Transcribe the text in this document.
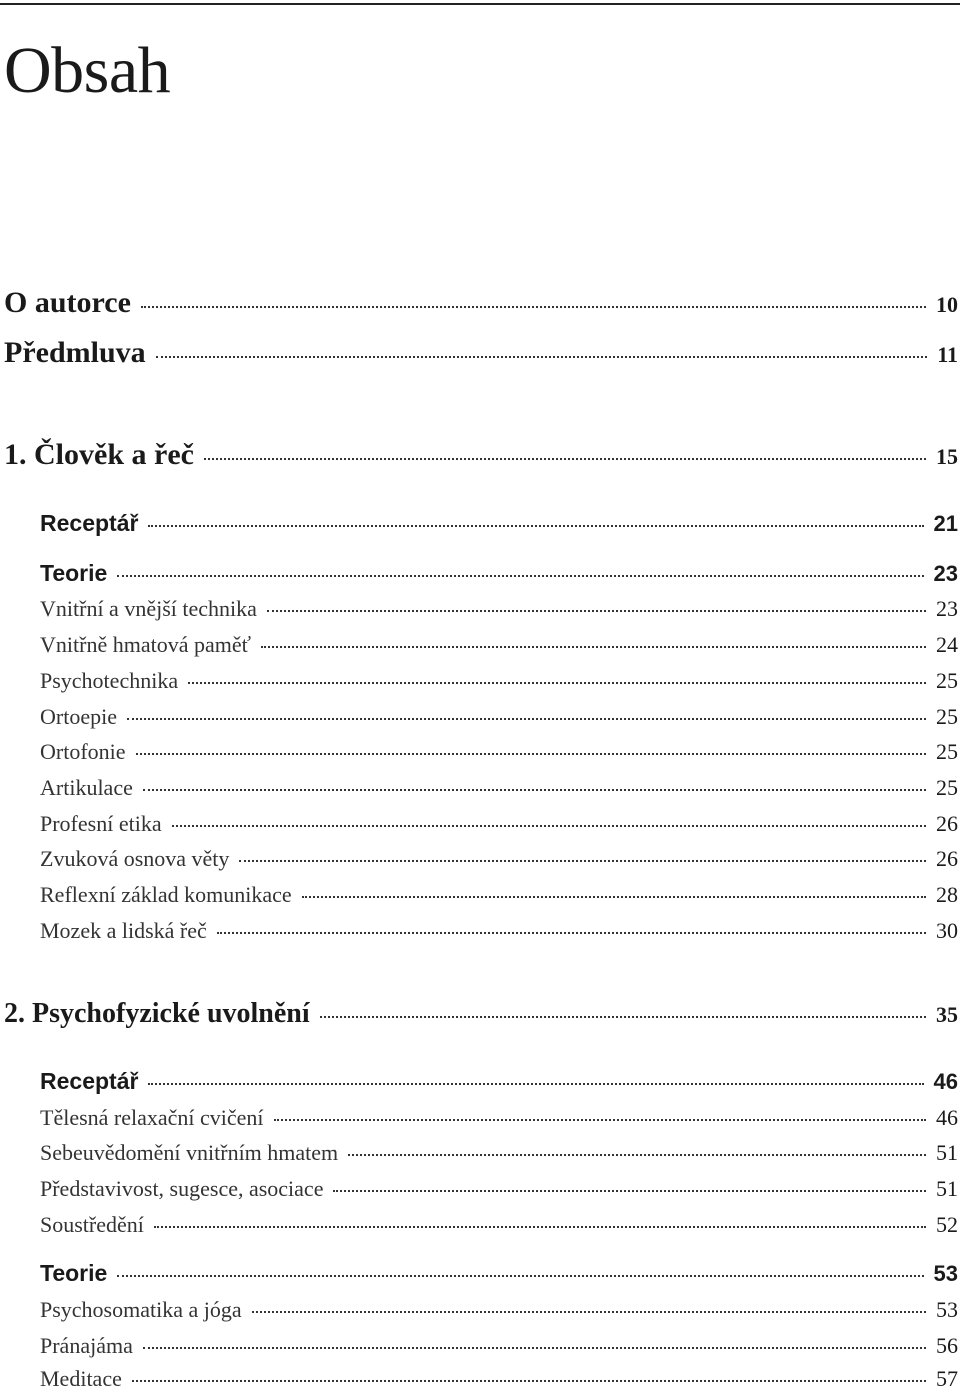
Obsah
O autorce	10
Předmluva	11
1. Člověk a řeč	15
Receptář	21
Teorie	23
Vnitřní a vnější technika	23
Vnitřně hmatová paměť	24
Psychotechnika	25
Ortoepie	25
Ortofonie	25
Artikulace	25
Profesní etika	26
Zvuková osnova věty	26
Reflexní základ komunikace	28
Mozek a lidská řeč	30
2. Psychofyzické uvolnění	35
Receptář	46
Tělesná relaxační cvičení	46
Sebeuvědomění vnitřním hmatem	51
Představivost, sugesce, asociace	51
Soustředění	52
Teorie	53
Psychosomatika a jóga	53
Pránajáma	56
Meditace	57
